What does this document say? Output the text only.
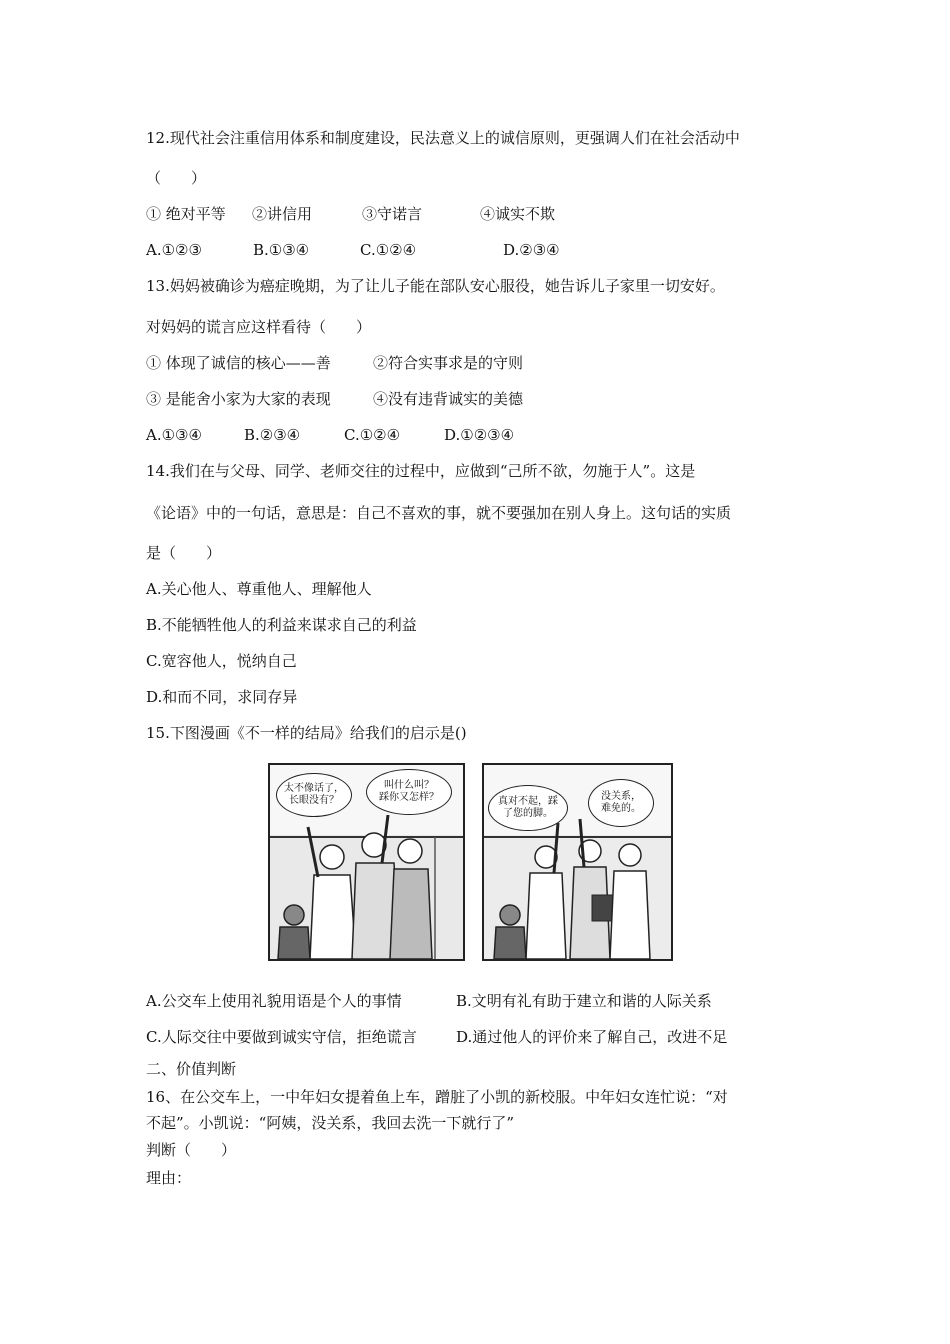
12.现代社会注重信用体系和制度建设，民法意义上的诚信原则，更强调人们在社会活动中
（　　）
① 绝对平等 ②讲信用	③守诺言	④诚实不欺
A.①②③	B.①③④	C.①②④	D.②③④
13.妈妈被确诊为癌症晚期，为了让儿子能在部队安心服役，她告诉儿子家里一切安好。
对妈妈的谎言应这样看待（　　）
① 体现了诚信的核心——善	②符合实事求是的守则
③ 是能舍小家为大家的表现	④没有违背诚实的美德
A.①③④	B.②③④	C.①②④	D.①②③④
14.我们在与父母、同学、老师交往的过程中，应做到“己所不欲，勿施于人”。这是
《论语》中的一句话，意思是：自己不喜欢的事，就不要强加在别人身上。这句话的实质
是（　　）
A.关心他人、尊重他人、理解他人
B.不能牺牲他人的利益来谋求自己的利益
C.宽容他人，悦纳自己
D.和而不同，求同存异
15.下图漫画《不一样的结局》给我们的启示是()
太不像话了，
长眼没有？
叫什么叫？
踩你又怎样？	真对不起，踩
了您的脚。
没关系，
难免的。
A.公交车上使用礼貌用语是个人的事情	B.文明有礼有助于建立和谐的人际关系
C.人际交往中要做到诚实守信，拒绝谎言	D.通过他人的评价来了解自己，改进不足
二、价值判断
16、在公交车上，一中年妇女提着鱼上车，蹭脏了小凯的新校服。中年妇女连忙说：“对
不起”。小凯说：“阿姨，没关系，我回去洗一下就行了”
判断（　　）
理由：
